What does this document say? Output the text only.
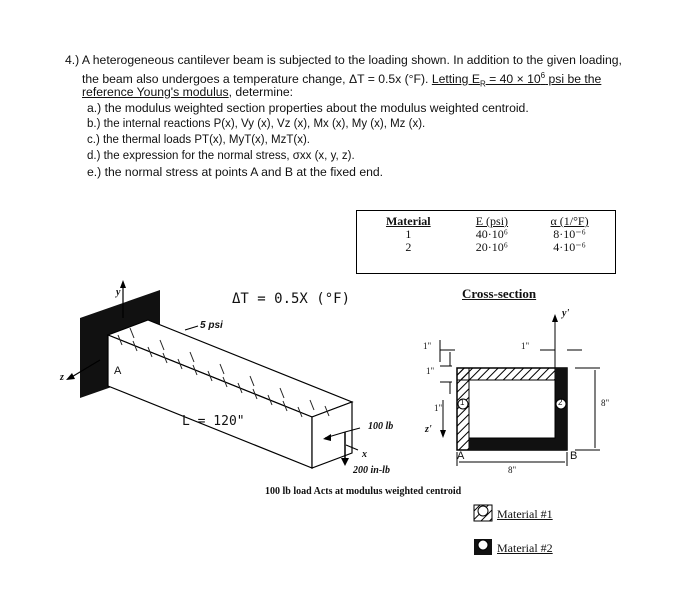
4.) A heterogeneous cantilever beam is subjected to the loading shown. In addition to the given loading,
the beam also undergoes a temperature change, ΔT = 0.5x (°F). Letting $E_R = 40 \times 10^6$ psi be the
reference Young's modulus, determine:
a.) the modulus weighted section properties about the modulus weighted centroid.
b.) the internal reactions P(x), Vy (x), Vz (x), Mx (x), My (x), Mz (x).
c.) the thermal loads PT(x), MyT(x), MzT(x).
d.) the expression for the normal stress, σxx (x, y, z).
e.) the normal stress at points A and B at the fixed end.
Material	E (psi)	α (1/°F)
1	40·10⁶	8·10⁻⁶
2	20·10⁶	4·10⁻⁶
ΔT = 0.5X (°F)	Cross-section
5 psi
L = 120"	100 lb
200 in-lb
100 lb load Acts at modulus weighted centroid
y
z
x
y'
z'
A
A	B
1"
1"
1"
1"
8"
8"
1	2
Material #1
Material #2
